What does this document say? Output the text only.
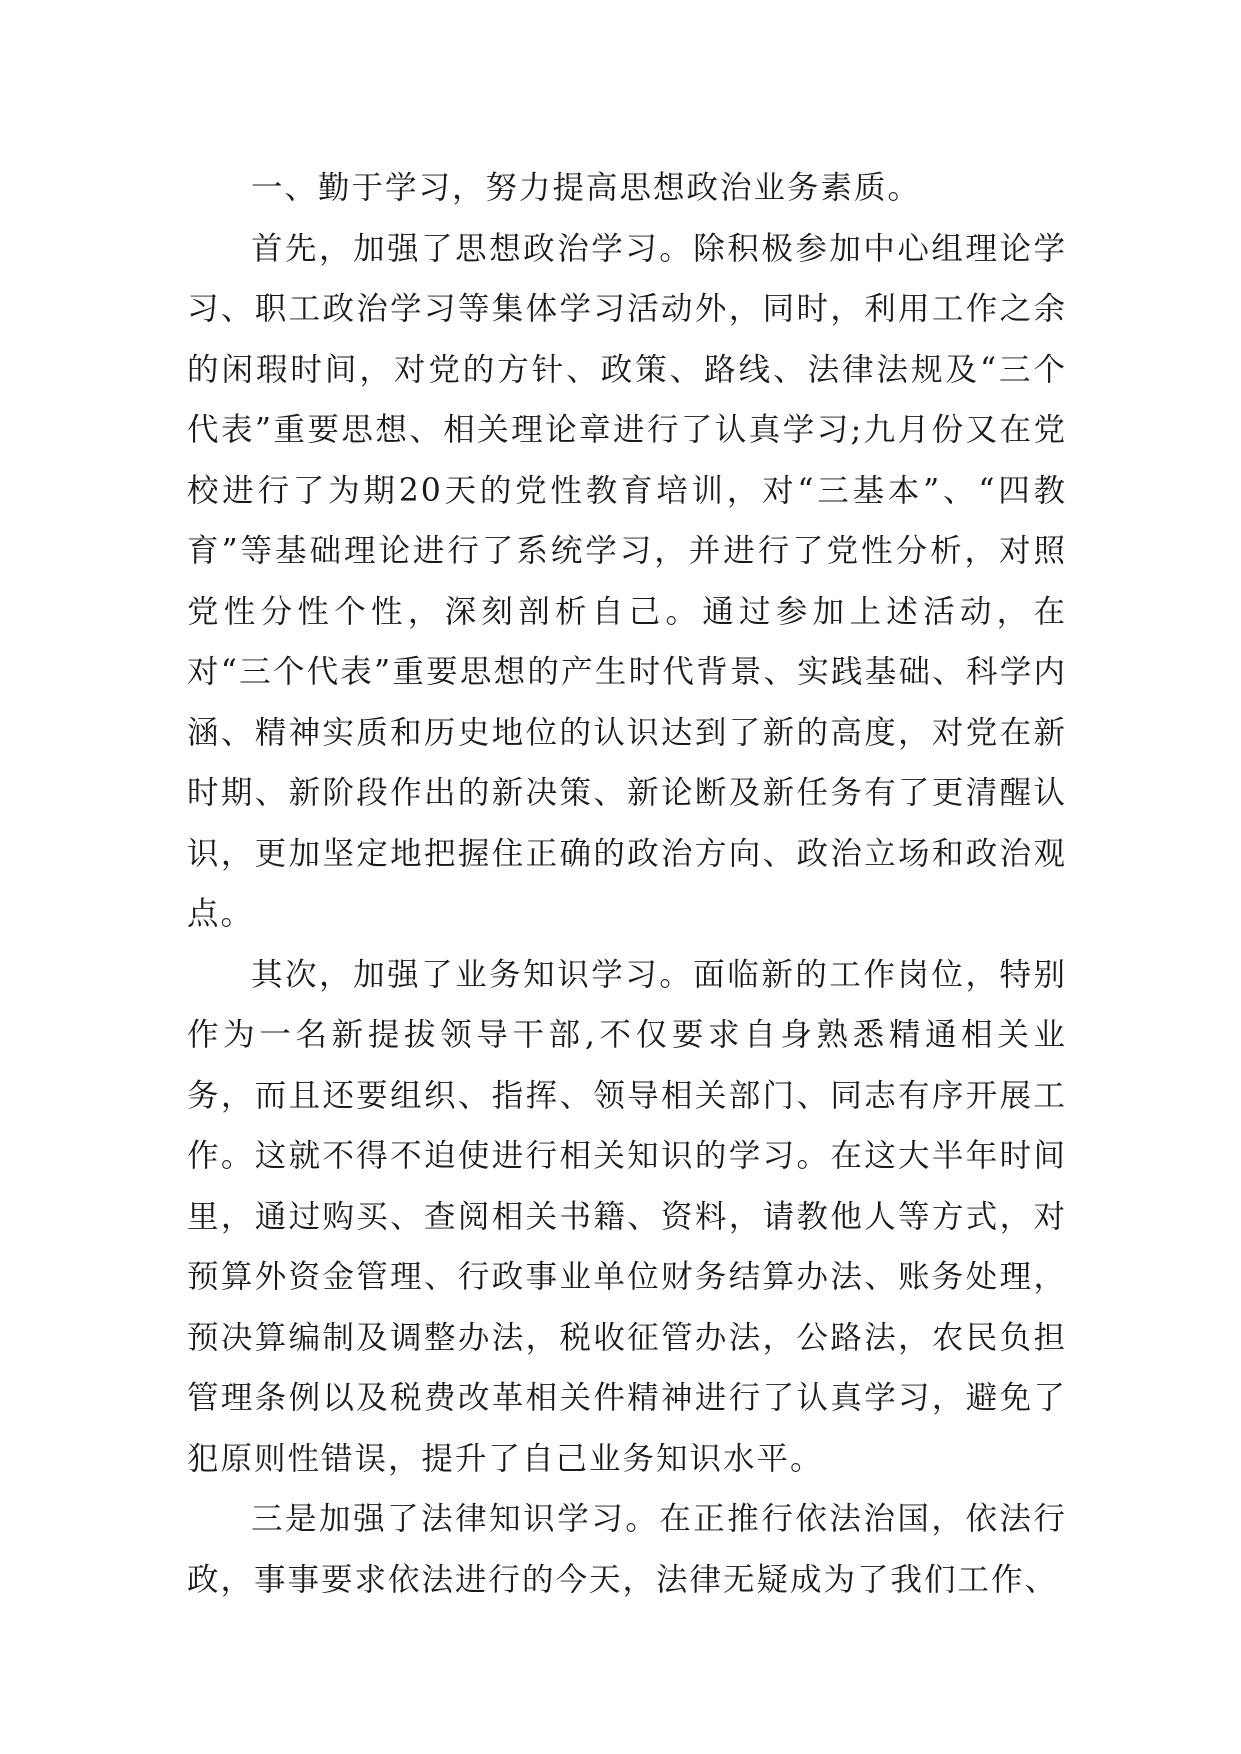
一、勤于学习，努力提高思想政治业务素质。

首先，加强了思想政治学习。除积极参加中心组理论学习、职工政治学习等集体学习活动外，同时，利用工作之余的闲瑕时间，对党的方针、政策、路线、法律法规及“三个代表”重要思想、相关理论章进行了认真学习;九月份又在党校进行了为期20天的党性教育培训，对“三基本”、“四教育”等基础理论进行了系统学习，并进行了党性分析，对照党性分性个性，深刻剖析自己。通过参加上述活动，在对“三个代表”重要思想的产生时代背景、实践基础、科学内涵、精神实质和历史地位的认识达到了新的高度，对党在新时期、新阶段作出的新决策、新论断及新任务有了更清醒认识，更加坚定地把握住正确的政治方向、政治立场和政治观点。

其次，加强了业务知识学习。面临新的工作岗位，特别作为一名新提拔领导干部,不仅要求自身熟悉精通相关业务，而且还要组织、指挥、领导相关部门、同志有序开展工作。这就不得不迫使进行相关知识的学习。在这大半年时间里，通过购买、查阅相关书籍、资料，请教他人等方式，对预算外资金管理、行政事业单位财务结算办法、账务处理，预决算编制及调整办法，税收征管办法，公路法，农民负担管理条例以及税费改革相关件精神进行了认真学习，避免了犯原则性错误，提升了自己业务知识水平。

三是加强了法律知识学习。在正推行依法治国，依法行政，事事要求依法进行的今天，法律无疑成为了我们工作、
